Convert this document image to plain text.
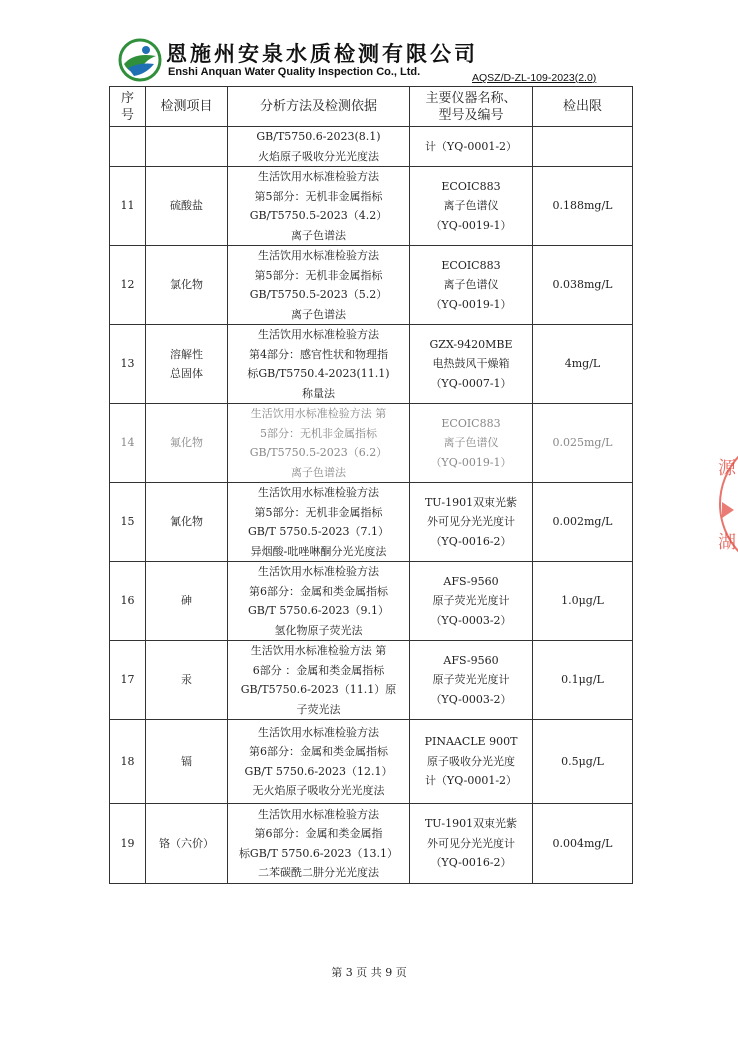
恩施州安泉水质检测有限公司
Enshi Anquan Water Quality Inspection Co., Ltd.	AQSZ/D-ZL-109-2023(2.0)
序
号	检测项目	分析方法及检测依据	主要仪器名称、
型号及编号	检出限
		GB/T5750.6-2023(8.1)
火焰原子吸收分光光度法	计（YQ-0001-2）	
11	硫酸盐	生活饮用水标准检验方法
第5部分：无机非金属指标
GB/T5750.5-2023（4.2）
离子色谱法	ECOIC883
离子色谱仪
（YQ-0019-1）	0.188mg/L
12	氯化物	生活饮用水标准检验方法
第5部分：无机非金属指标
GB/T5750.5-2023（5.2）
离子色谱法	ECOIC883
离子色谱仪
（YQ-0019-1）	0.038mg/L
13	溶解性
总固体	生活饮用水标准检验方法
第4部分：感官性状和物理指
标GB/T5750.4-2023(11.1)
称量法	GZX-9420MBE
电热鼓风干燥箱
（YQ-0007-1）	4mg/L
14	氟化物	生活饮用水标准检验方法 第
5部分：无机非金属指标
GB/T5750.5-2023（6.2）
离子色谱法	ECOIC883
离子色谱仪
（YQ-0019-1）	0.025mg/L
15	氰化物	生活饮用水标准检验方法
第5部分：无机非金属指标
GB/T 5750.5-2023（7.1）
异烟酸-吡唑啉酮分光光度法	TU-1901双束光紫
外可见分光光度计
（YQ-0016-2）	0.002mg/L
16	砷	生活饮用水标准检验方法
第6部分：金属和类金属指标
GB/T 5750.6-2023（9.1）
氢化物原子荧光法	AFS-9560
原子荧光光度计
（YQ-0003-2）	1.0μg/L
17	汞	生活饮用水标准检验方法 第
6部分 ：金属和类金属指标
GB/T5750.6-2023（11.1）原
子荧光法	AFS-9560
原子荧光光度计
（YQ-0003-2）	0.1μg/L
18	镉	生活饮用水标准检验方法
第6部分：金属和类金属指标
GB/T 5750.6-2023（12.1）
无火焰原子吸收分光光度法	PINAACLE 900T
原子吸收分光光度
计（YQ-0001-2）	0.5μg/L
19	铬（六价）	生活饮用水标准检验方法
第6部分：金属和类金属指
标GB/T 5750.6-2023（13.1）
二苯碳酰二肼分光光度法	TU-1901双束光紫
外可见分光光度计
（YQ-0016-2）	0.004mg/L
源
湖
第 3 页 共 9 页
